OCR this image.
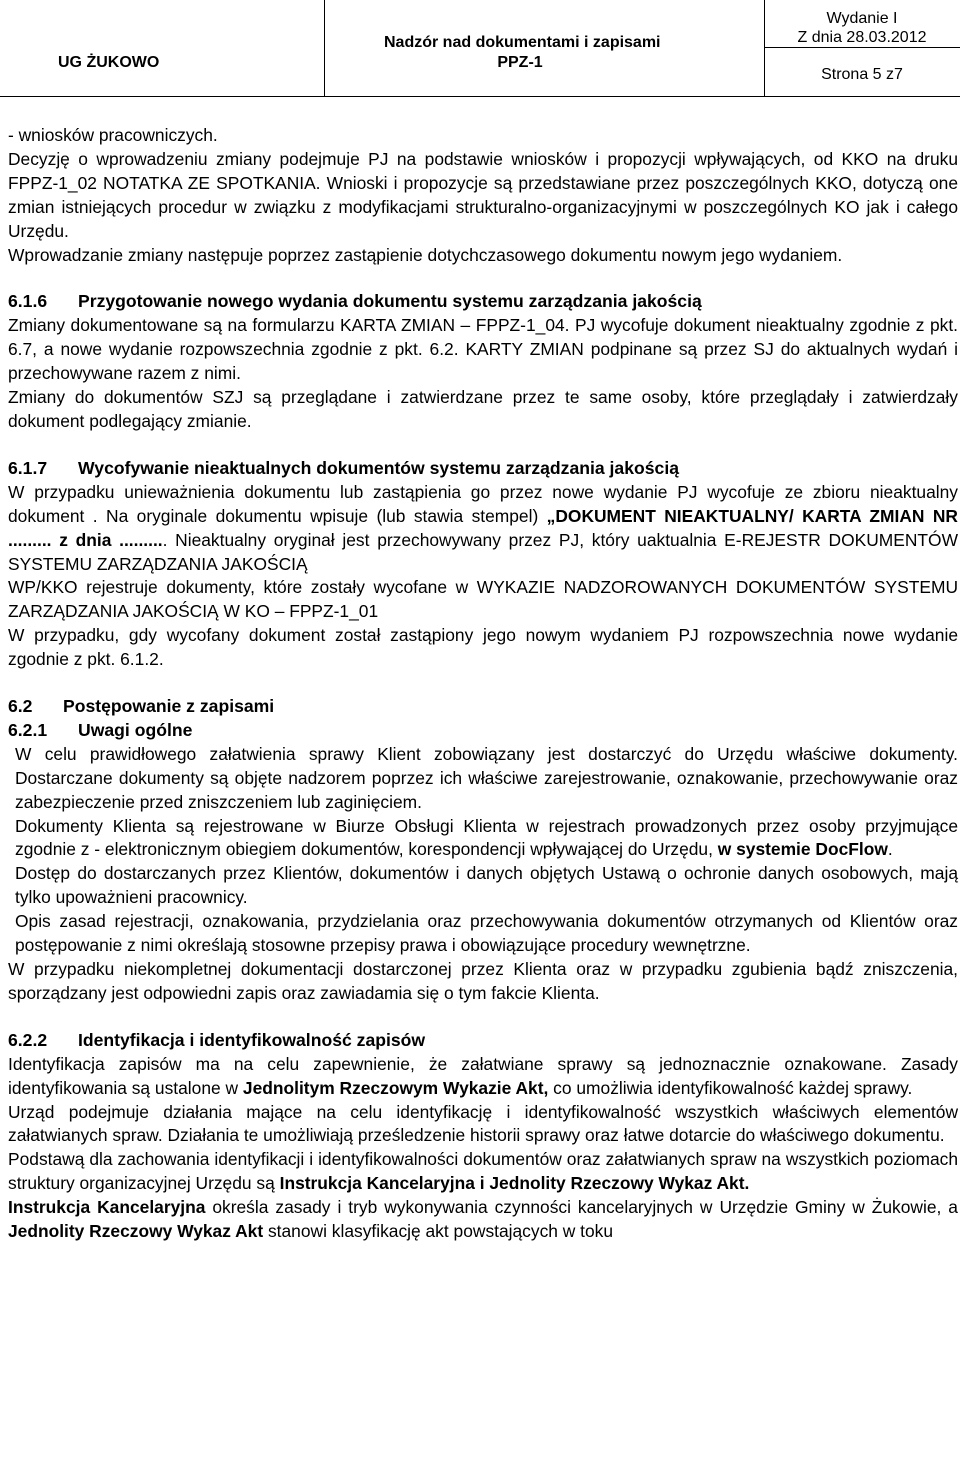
UG ŻUKOWO
Nadzór nad dokumentami i zapisami
PPZ-1
Wydanie I
Z dnia 28.03.2012
Strona 5 z7

- wniosków pracowniczych.

Decyzję o wprowadzeniu zmiany podejmuje PJ na podstawie wniosków i propozycji wpływających, od KKO na druku FPPZ-1_02 NOTATKA ZE SPOTKANIA. Wnioski i propozycje są przedstawiane przez poszczególnych KKO, dotyczą one zmian istniejących procedur w związku z modyfikacjami strukturalno-organizacyjnymi w poszczególnych KO jak i całego Urzędu.

Wprowadzanie zmiany następuje poprzez zastąpienie dotychczasowego dokumentu nowym jego wydaniem.

6.1.6 Przygotowanie nowego wydania dokumentu systemu zarządzania jakością

Zmiany dokumentowane są na formularzu KARTA ZMIAN – FPPZ-1_04. PJ wycofuje dokument nieaktualny zgodnie z pkt. 6.7, a nowe wydanie rozpowszechnia zgodnie z pkt. 6.2. KARTY ZMIAN podpinane są przez SJ do aktualnych wydań i przechowywane razem z nimi.

Zmiany do dokumentów SZJ są przeglądane i zatwierdzane przez te same osoby, które przeglądały i zatwierdzały dokument podlegający zmianie.

6.1.7 Wycofywanie nieaktualnych dokumentów systemu zarządzania jakością

W przypadku unieważnienia dokumentu lub zastąpienia go przez nowe wydanie PJ wycofuje ze zbioru nieaktualny dokument . Na oryginale dokumentu wpisuje (lub stawia stempel) „DOKUMENT NIEAKTUALNY/ KARTA ZMIAN NR ......... z dnia .......... Nieaktualny oryginał jest przechowywany przez PJ, który uaktualnia E-REJESTR DOKUMENTÓW SYSTEMU ZARZĄDZANIA JAKOŚCIĄ

WP/KKO rejestruje dokumenty, które zostały wycofane w WYKAZIE NADZOROWANYCH DOKUMENTÓW SYSTEMU ZARZĄDZANIA JAKOŚCIĄ W KO – FPPZ-1_01

W przypadku, gdy wycofany dokument został zastąpiony jego nowym wydaniem PJ rozpowszechnia nowe wydanie zgodnie z pkt. 6.1.2.

6.2 Postępowanie z zapisami

6.2.1 Uwagi ogólne

W celu prawidłowego załatwienia sprawy Klient zobowiązany jest dostarczyć do Urzędu właściwe dokumenty. Dostarczane dokumenty są objęte nadzorem poprzez ich właściwe zarejestrowanie, oznakowanie, przechowywanie oraz zabezpieczenie przed zniszczeniem lub zaginięciem.

Dokumenty Klienta są rejestrowane w Biurze Obsługi Klienta w rejestrach prowadzonych przez osoby przyjmujące zgodnie z - elektronicznym obiegiem dokumentów, korespondencji wpływającej do Urzędu, w systemie DocFlow.

Dostęp do dostarczanych przez Klientów, dokumentów i danych objętych Ustawą o ochronie danych osobowych, mają tylko upoważnieni pracownicy.

Opis zasad rejestracji, oznakowania, przydzielania oraz przechowywania dokumentów otrzymanych od Klientów oraz postępowanie z nimi określają stosowne przepisy prawa i obowiązujące procedury wewnętrzne.

W przypadku niekompletnej dokumentacji dostarczonej przez Klienta oraz w przypadku zgubienia bądź zniszczenia, sporządzany jest odpowiedni zapis oraz zawiadamia się o tym fakcie Klienta.

6.2.2 Identyfikacja i identyfikowalność zapisów

Identyfikacja zapisów ma na celu zapewnienie, że załatwiane sprawy są jednoznacznie oznakowane. Zasady identyfikowania są ustalone w Jednolitym Rzeczowym Wykazie Akt, co umożliwia identyfikowalność każdej sprawy.

Urząd podejmuje działania mające na celu identyfikację i identyfikowalność wszystkich właściwych elementów załatwianych spraw. Działania te umożliwiają prześledzenie historii sprawy oraz łatwe dotarcie do właściwego dokumentu.

Podstawą dla zachowania identyfikacji i identyfikowalności dokumentów oraz załatwianych spraw na wszystkich poziomach struktury organizacyjnej Urzędu są Instrukcja Kancelaryjna i Jednolity Rzeczowy Wykaz Akt.

Instrukcja Kancelaryjna określa zasady i tryb wykonywania czynności kancelaryjnych w Urzędzie Gminy w Żukowie, a Jednolity Rzeczowy Wykaz Akt stanowi klasyfikację akt powstających w toku
